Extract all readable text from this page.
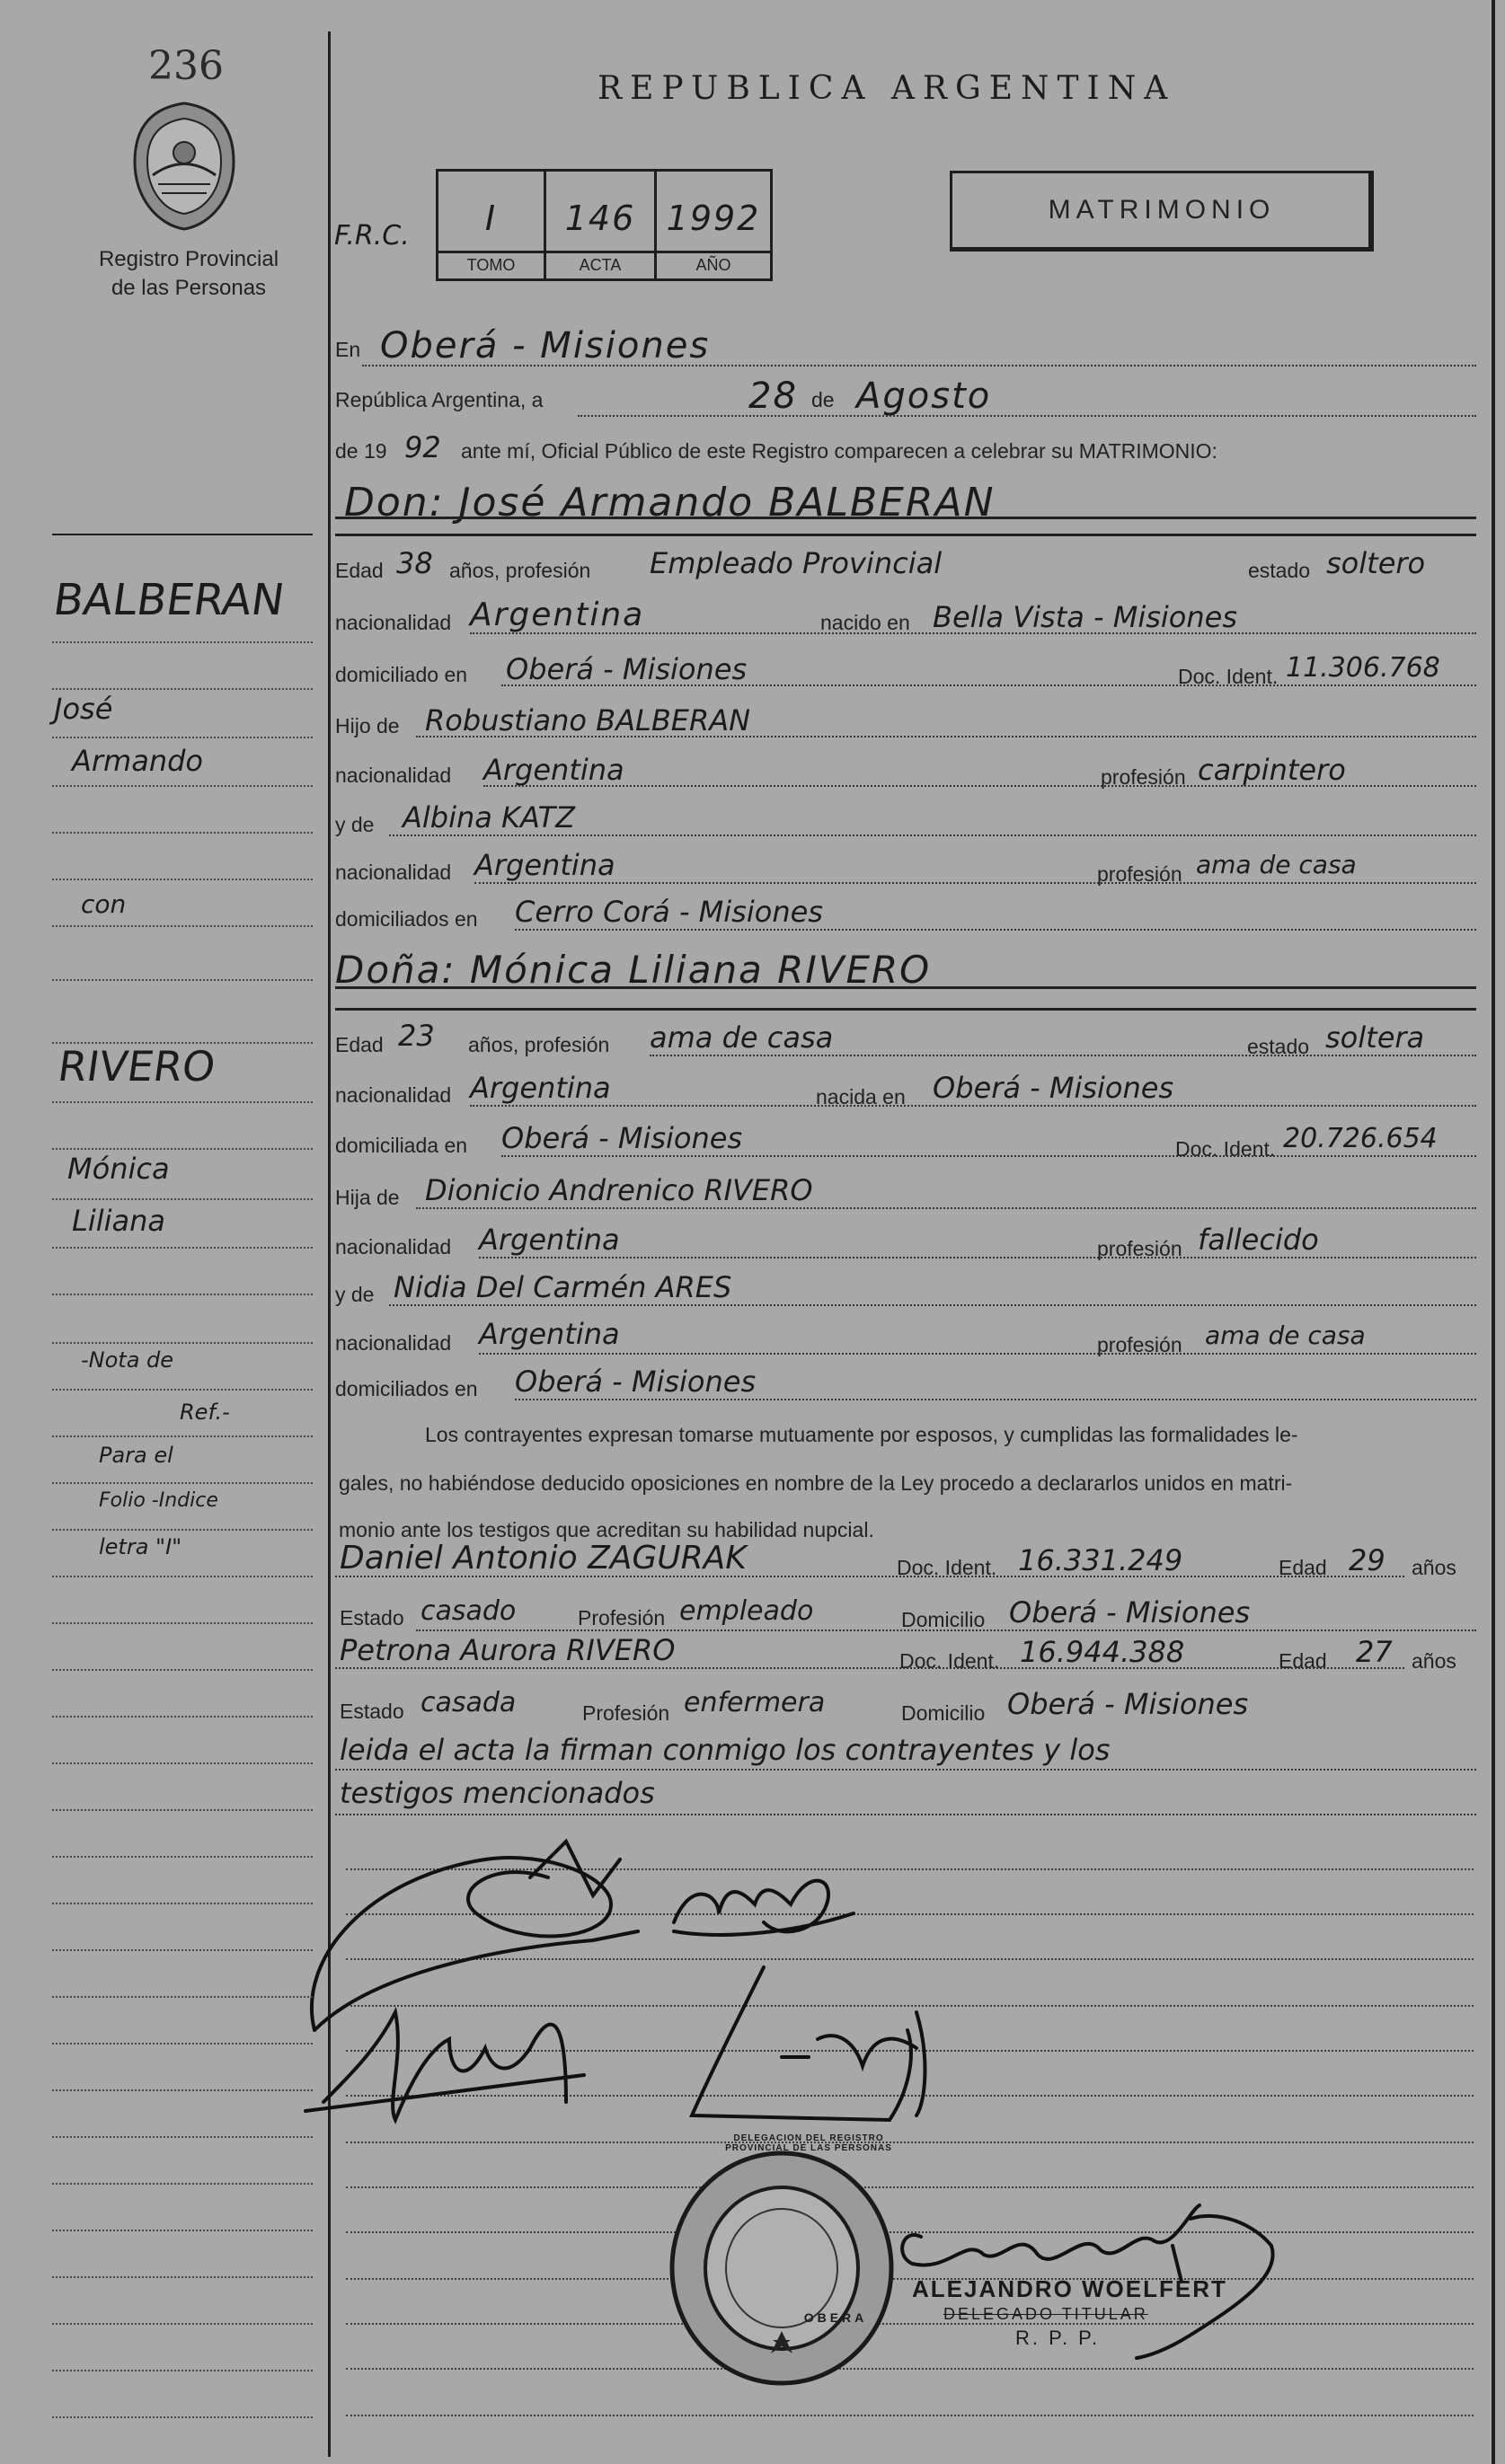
236
Registro Provincial
de las Personas
REPUBLICA ARGENTINA
F.R.C.	I	146 1992
TOMO	ACTA	AÑO
MATRIMONIO
En Oberá - Misiones
República Argentina, a	28 de Agosto
de 19 92 ante mí, Oficial Público de este Registro comparecen a celebrar su MATRIMONIO:
Don: José Armando BALBERAN
Edad 38 años, profesión Empleado Provincial	estado soltero
nacionalidad Argentina	nacido en Bella Vista - Misiones
domiciliado en Oberá - Misiones	Doc. Ident. 11.306.768
Hijo de Robustiano BALBERAN
nacionalidad Argentina	profesión carpintero
y de Albina KATZ
nacionalidad Argentina	profesión ama de casa
domiciliados en Cerro Corá - Misiones
Doña: Mónica Liliana RIVERO
Edad 23 años, profesión ama de casa	estado soltera
nacionalidad Argentina	nacida en Oberá - Misiones
domiciliada en Oberá - Misiones	Doc. Ident. 20.726.654
Hija de Dionicio Andrenico RIVERO
nacionalidad Argentina	profesión fallecido
y de Nidia Del Carmén ARES
nacionalidad Argentina	profesión ama de casa
domiciliados en Oberá - Misiones
Los contrayentes expresan tomarse mutuamente por esposos, y cumplidas las formalidades le-
gales, no habiéndose deducido oposiciones en nombre de la Ley procedo a declararlos unidos en matri-
monio ante los testigos que acreditan su habilidad nupcial.
Daniel Antonio ZAGURAK	Doc. Ident. 16.331.249	Edad 29 años
Estado casado	Profesión empleado	Domicilio Oberá - Misiones
Petrona Aurora RIVERO	Doc. Ident. 16.944.388	Edad 27 años
Estado casada	Profesión enfermera	Domicilio Oberá - Misiones
leida el acta la firman conmigo los contrayentes y los
testigos mencionados
DELEGACION DEL REGISTRO PROVINCIAL DE LAS PERSONAS
OBERA
ALEJANDRO WOELFERT
DELEGADO TITULAR
R. P. P.
BALBERAN
José
Armando
con
RIVERO
Mónica
Liliana
-Nota de
Ref.-
Para el
Folio -Indice
letra "I"
